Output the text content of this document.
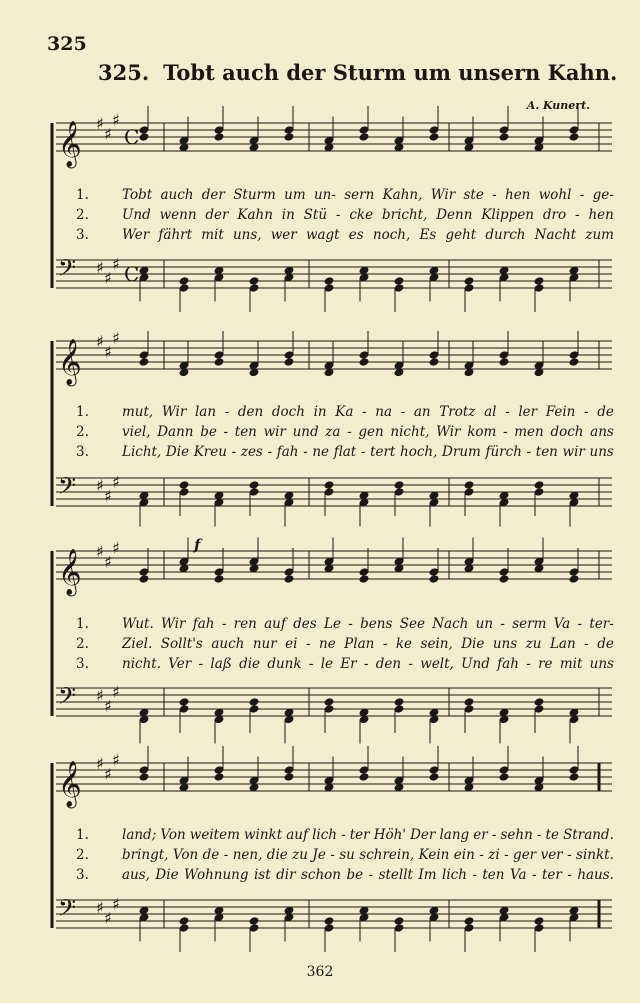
325
325. Tobt auch der Sturm um unsern Kahn.
A. Kunert.
𝄞 ♯
♯
♯
C
𝄢 ♯
♯
♯ C
1.	Tobt auch der Sturm um un- sern Kahn, Wir ste - hen wohl - ge-
2.	Und wenn der Kahn in Stü - cke bricht, Denn Klippen dro - hen
3.	Wer fährt mit uns, wer wagt es noch, Es geht durch Nacht zum
𝄞 ♯
♯
♯
𝄢 ♯
♯
♯
1.	mut, Wir lan - den doch in Ka - na - an Trotz al - ler Fein - de
2.	viel, Dann be - ten wir und za - gen nicht, Wir kom - men doch ans
3.	Licht, Die Kreu - zes - fah - ne flat - tert hoch, Drum fürch - ten wir uns
𝄞 ♯
♯
♯	f
𝄢 ♯
♯
♯
1.	Wut. Wir fah - ren auf des Le - bens See Nach un - serm Va - ter-
2.	Ziel. Sollt's auch nur ei - ne Plan - ke sein, Die uns zu Lan - de
3.	nicht. Ver - laß die dunk - le Er - den - welt, Und fah - re mit uns
𝄞 ♯
♯
♯
𝄢 ♯
♯
♯
1.	land; Von weitem winkt auf lich - ter Höh' Der lang er - sehn - te Strand.
2.	bringt, Von de - nen, die zu Je - su schrein, Kein ein - zi - ger ver - sinkt.
3.	aus, Die Wohnung ist dir schon be - stellt Im lich - ten Va - ter - haus.
362
